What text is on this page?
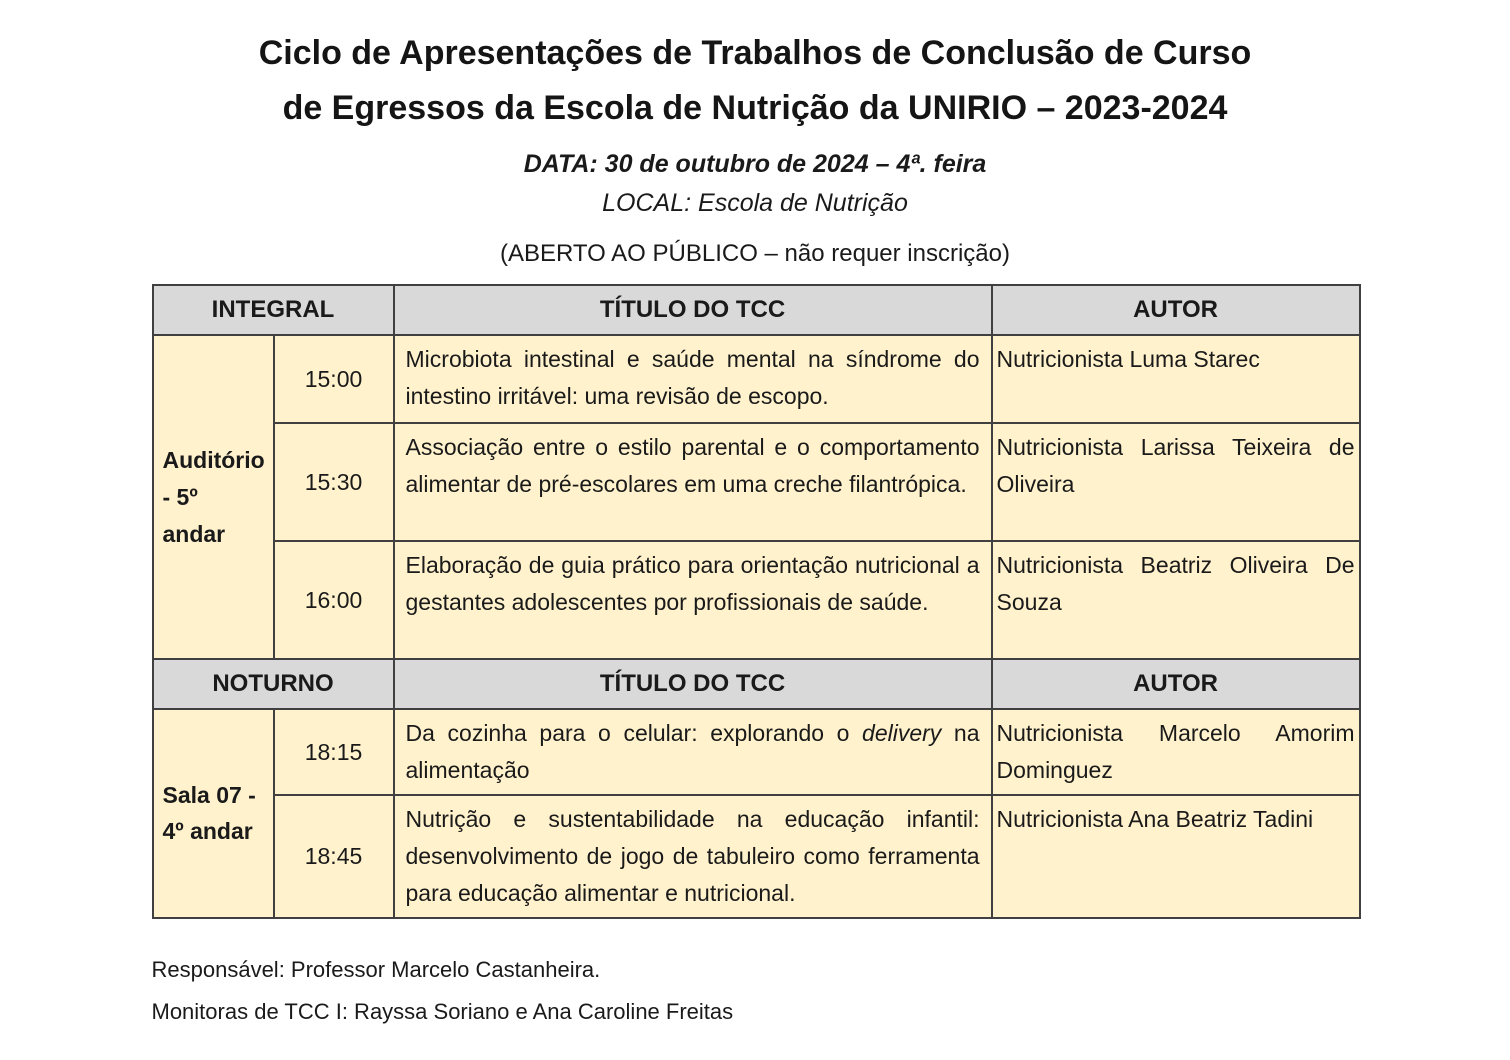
Ciclo de Apresentações de Trabalhos de Conclusão de Curso
de Egressos da Escola de Nutrição da UNIRIO – 2023-2024

DATA: 30 de outubro de 2024 – 4ª. feira

LOCAL: Escola de Nutrição

(ABERTO AO PÚBLICO – não requer inscrição)

INTEGRAL		TÍTULO DO TCC	AUTOR
Auditório - 5º andar	15:00	Microbiota intestinal e saúde mental na síndrome do intestino irritável: uma revisão de escopo.	Nutricionista Luma Starec
	15:30	Associação entre o estilo parental e o comportamento alimentar de pré-escolares em uma creche filantrópica.	Nutricionista Larissa Teixeira de Oliveira
	16:00	Elaboração de guia prático para orientação nutricional a gestantes adolescentes por profissionais de saúde.	Nutricionista Beatriz Oliveira De Souza
NOTURNO		TÍTULO DO TCC	AUTOR
Sala 07 - 4º andar	18:15	Da cozinha para o celular: explorando o delivery na alimentação	Nutricionista Marcelo Amorim Dominguez
	18:45	Nutrição e sustentabilidade na educação infantil: desenvolvimento de jogo de tabuleiro como ferramenta para educação alimentar e nutricional.	Nutricionista Ana Beatriz Tadini

Responsável: Professor Marcelo Castanheira.

Monitoras de TCC I: Rayssa Soriano e Ana Caroline Freitas
